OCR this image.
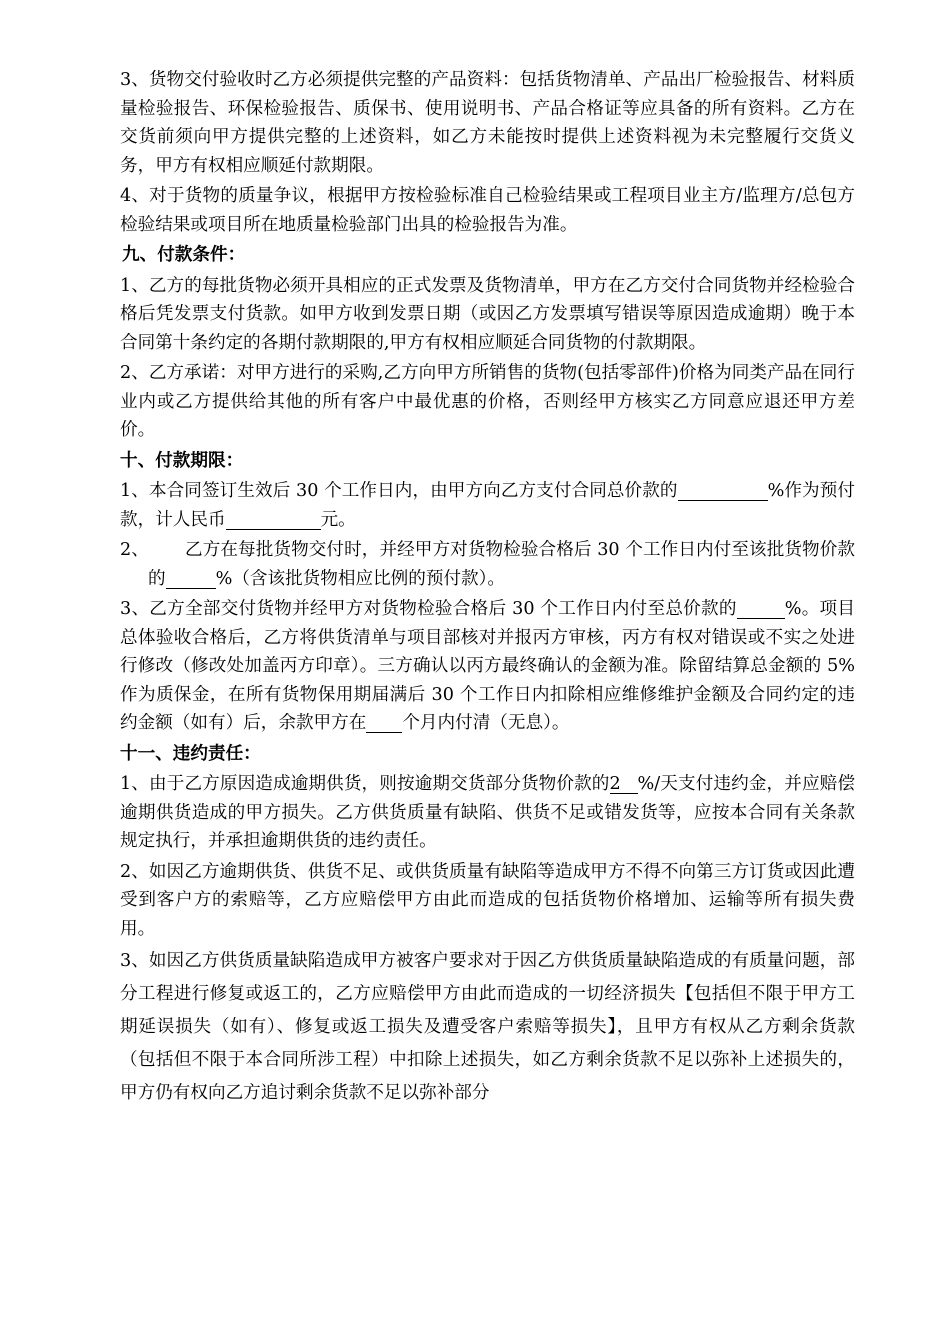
3、货物交付验收时乙方必须提供完整的产品资料：包括货物清单、产品出厂检验报告、材料质量检验报告、环保检验报告、质保书、使用说明书、产品合格证等应具备的所有资料。乙方在交货前须向甲方提供完整的上述资料，如乙方未能按时提供上述资料视为未完整履行交货义务，甲方有权相应顺延付款期限。

4、对于货物的质量争议，根据甲方按检验标准自己检验结果或工程项目业主方/监理方/总包方检验结果或项目所在地质量检验部门出具的检验报告为准。

九、付款条件：

1、乙方的每批货物必须开具相应的正式发票及货物清单，甲方在乙方交付合同货物并经检验合格后凭发票支付货款。如甲方收到发票日期（或因乙方发票填写错误等原因造成逾期）晚于本合同第十条约定的各期付款期限的,甲方有权相应顺延合同货物的付款期限。

2、乙方承诺：对甲方进行的采购,乙方向甲方所销售的货物(包括零部件)价格为同类产品在同行业内或乙方提供给其他的所有客户中最优惠的价格，否则经甲方核实乙方同意应退还甲方差价。

十、付款期限：

1、本合同签订生效后 30 个工作日内，由甲方向乙方支付合同总价款的	%作为预付款，计人民币	元。

2、 乙方在每批货物交付时，并经甲方对货物检验合格后 30 个工作日内付至该批货物价款的	%（含该批货物相应比例的预付款）。

3、乙方全部交付货物并经甲方对货物检验合格后 30 个工作日内付至总价款的	%。项目总体验收合格后，乙方将供货清单与项目部核对并报丙方审核，丙方有权对错误或不实之处进行修改（修改处加盖丙方印章）。三方确认以丙方最终确认的金额为准。除留结算总金额的 5%作为质保金，在所有货物保用期届满后 30 个工作日内扣除相应维修维护金额及合同约定的违约金额（如有）后，余款甲方在 个月内付清（无息）。

十一、违约责任：

1、由于乙方原因造成逾期供货，则按逾期交货部分货物价款的2 %/天支付违约金，并应赔偿逾期供货造成的甲方损失。乙方供货质量有缺陷、供货不足或错发货等，应按本合同有关条款规定执行，并承担逾期供货的违约责任。

2、如因乙方逾期供货、供货不足、或供货质量有缺陷等造成甲方不得不向第三方订货或因此遭受到客户方的索赔等，乙方应赔偿甲方由此而造成的包括货物价格增加、运输等所有损失费用。

3、如因乙方供货质量缺陷造成甲方被客户要求对于因乙方供货质量缺陷造成的有质量问题，部分工程进行修复或返工的，乙方应赔偿甲方由此而造成的一切经济损失【包括但不限于甲方工期延误损失（如有）、修复或返工损失及遭受客户索赔等损失】，且甲方有权从乙方剩余货款（包括但不限于本合同所涉工程）中扣除上述损失，如乙方剩余货款不足以弥补上述损失的，甲方仍有权向乙方追讨剩余货款不足以弥补部分
